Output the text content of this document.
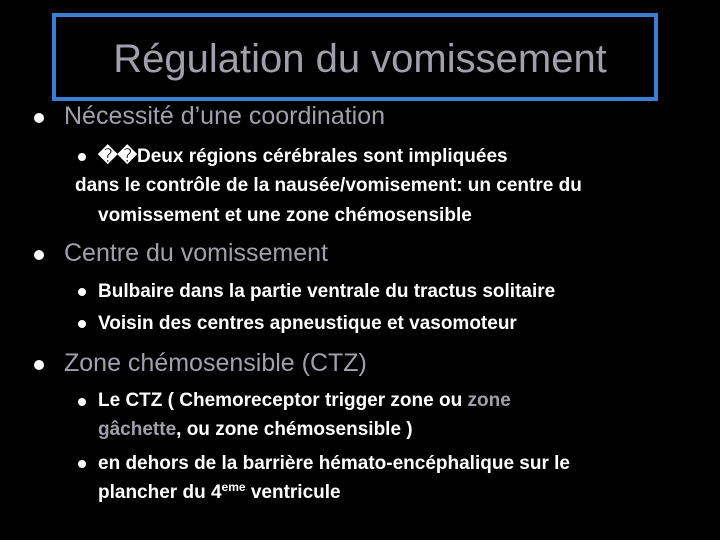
Régulation du vomissement
Nécessité d’une coordination
��Deux régions cérébrales sont impliquées
dans le contrôle de la nausée/vomisement: un centre du
vomissement et une zone chémosensible
Centre du vomissement
Bulbaire dans la partie ventrale du tractus solitaire
Voisin des centres apneustique et vasomoteur
Zone chémosensible (CTZ)
Le CTZ ( Chemoreceptor trigger zone ou zone
gâchette, ou zone chémosensible )
en dehors de la barrière hémato-encéphalique sur le
plancher du 4eme ventricule
